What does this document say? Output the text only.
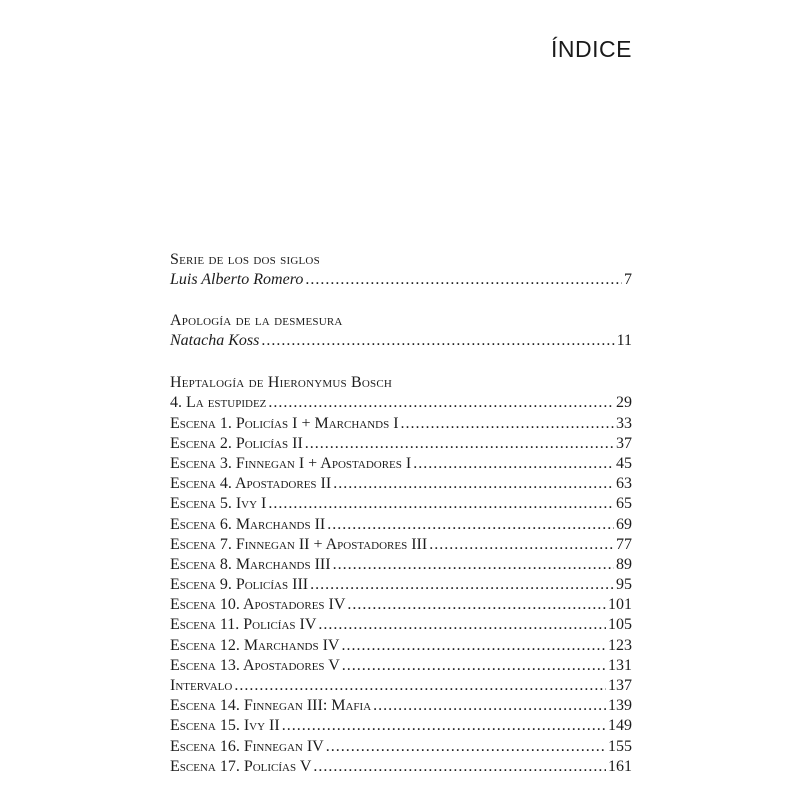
ÍNDICE
Serie de los dos siglos
Luis Alberto Romero .....	7
Apología de la desmesura
Natacha Koss .....	11
Heptalogía de Hieronymus Bosch
4. La estupidez .....	29
Escena 1. Policías I + Marchands I .....	33
Escena 2. Policías II .....	37
Escena 3. Finnegan I + Apostadores I .....	45
Escena 4. Apostadores II .....	63
Escena 5. Ivy I .....	65
Escena 6. Marchands II .....	69
Escena 7. Finnegan II + Apostadores III .....	77
Escena 8. Marchands III .....	89
Escena 9. Policías III .....	95
Escena 10. Apostadores IV .....	101
Escena 11. Policías IV .....	105
Escena 12. Marchands IV .....	123
Escena 13. Apostadores V .....	131
Intervalo .....	137
Escena 14. Finnegan III: Mafia .....	139
Escena 15. Ivy II .....	149
Escena 16. Finnegan IV .....	155
Escena 17. Policías V .....	161
